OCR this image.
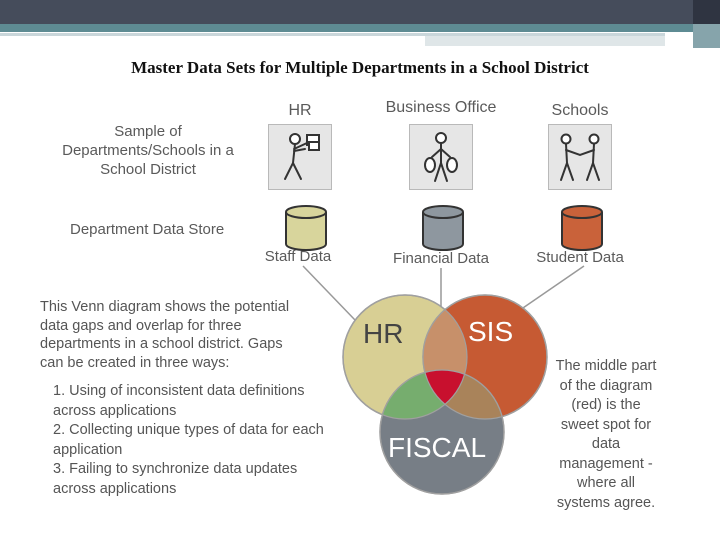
Master Data Sets for Multiple Departments in a School District
HR	Business Office	Schools
Sample of
Departments/Schools in a
School District
Department Data Store
Staff Data	Financial Data	Student Data
HR SIS
FISCAL
This Venn diagram shows the potential
data gaps and overlap for three
departments in a school district. Gaps
can be created in three ways:
1. Using of inconsistent data definitions
across applications
2. Collecting unique types of data for each
application
3. Failing to synchronize data updates
across applications
The middle part
of the diagram
(red) is the
sweet spot for
data
management -
where all
systems agree.
